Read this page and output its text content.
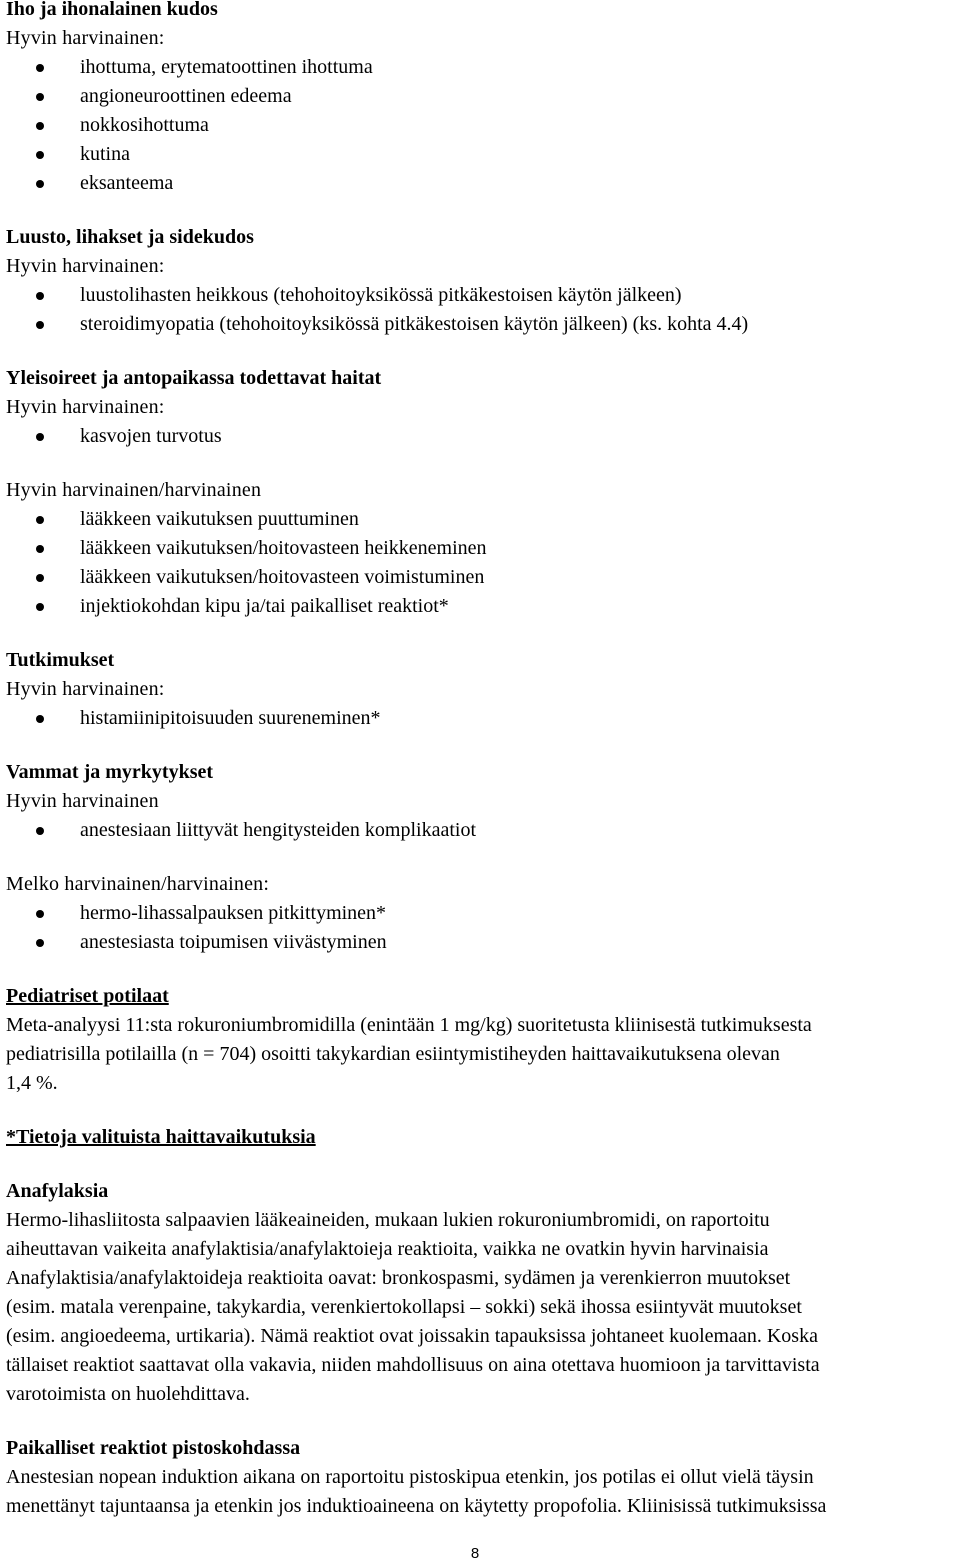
Iho ja ihonalainen kudos

Hyvin harvinainen:

ihottuma, erytematoottinen ihottuma
angioneuroottinen edeema
nokkosihottuma
kutina
eksanteema

Luusto, lihakset ja sidekudos

Hyvin harvinainen:

luustolihasten heikkous (tehohoitoyksikössä pitkäkestoisen käytön jälkeen)
steroidimyopatia (tehohoitoyksikössä pitkäkestoisen käytön jälkeen) (ks. kohta 4.4)

Yleisoireet ja antopaikassa todettavat haitat

Hyvin harvinainen:

kasvojen turvotus

Hyvin harvinainen/harvinainen

lääkkeen vaikutuksen puuttuminen
lääkkeen vaikutuksen/hoitovasteen heikkeneminen
lääkkeen vaikutuksen/hoitovasteen voimistuminen
injektiokohdan kipu ja/tai paikalliset reaktiot*

Tutkimukset

Hyvin harvinainen:

histamiinipitoisuuden suureneminen*

Vammat ja myrkytykset

Hyvin harvinainen

anestesiaan liittyvät hengitysteiden komplikaatiot

Melko harvinainen/harvinainen:

hermo-lihassalpauksen pitkittyminen*
anestesiasta toipumisen viivästyminen

Pediatriset potilaat

Meta-analyysi 11:sta rokuroniumbromidilla (enintään 1 mg/kg) suoritetusta kliinisestä tutkimuksesta

pediatrisilla potilailla (n = 704) osoitti takykardian esiintymistiheyden haittavaikutuksena olevan

1,4 %.

*Tietoja valituista haittavaikutuksia

Anafylaksia

Hermo-lihasliitosta salpaavien lääkeaineiden, mukaan lukien rokuroniumbromidi, on raportoitu

aiheuttavan vaikeita anafylaktisia/anafylaktoieja reaktioita, vaikka ne ovatkin hyvin harvinaisia

Anafylaktisia/anafylaktoideja reaktioita oavat: bronkospasmi, sydämen ja verenkierron muutokset

(esim. matala verenpaine, takykardia, verenkiertokollapsi – sokki) sekä ihossa esiintyvät muutokset

(esim. angioedeema, urtikaria). Nämä reaktiot ovat joissakin tapauksissa johtaneet kuolemaan. Koska

tällaiset reaktiot saattavat olla vakavia, niiden mahdollisuus on aina otettava huomioon ja tarvittavista

varotoimista on huolehdittava.

Paikalliset reaktiot pistoskohdassa

Anestesian nopean induktion aikana on raportoitu pistoskipua etenkin, jos potilas ei ollut vielä täysin

menettänyt tajuntaansa ja etenkin jos induktioaineena on käytetty propofolia. Kliinisissä tutkimuksissa

8
